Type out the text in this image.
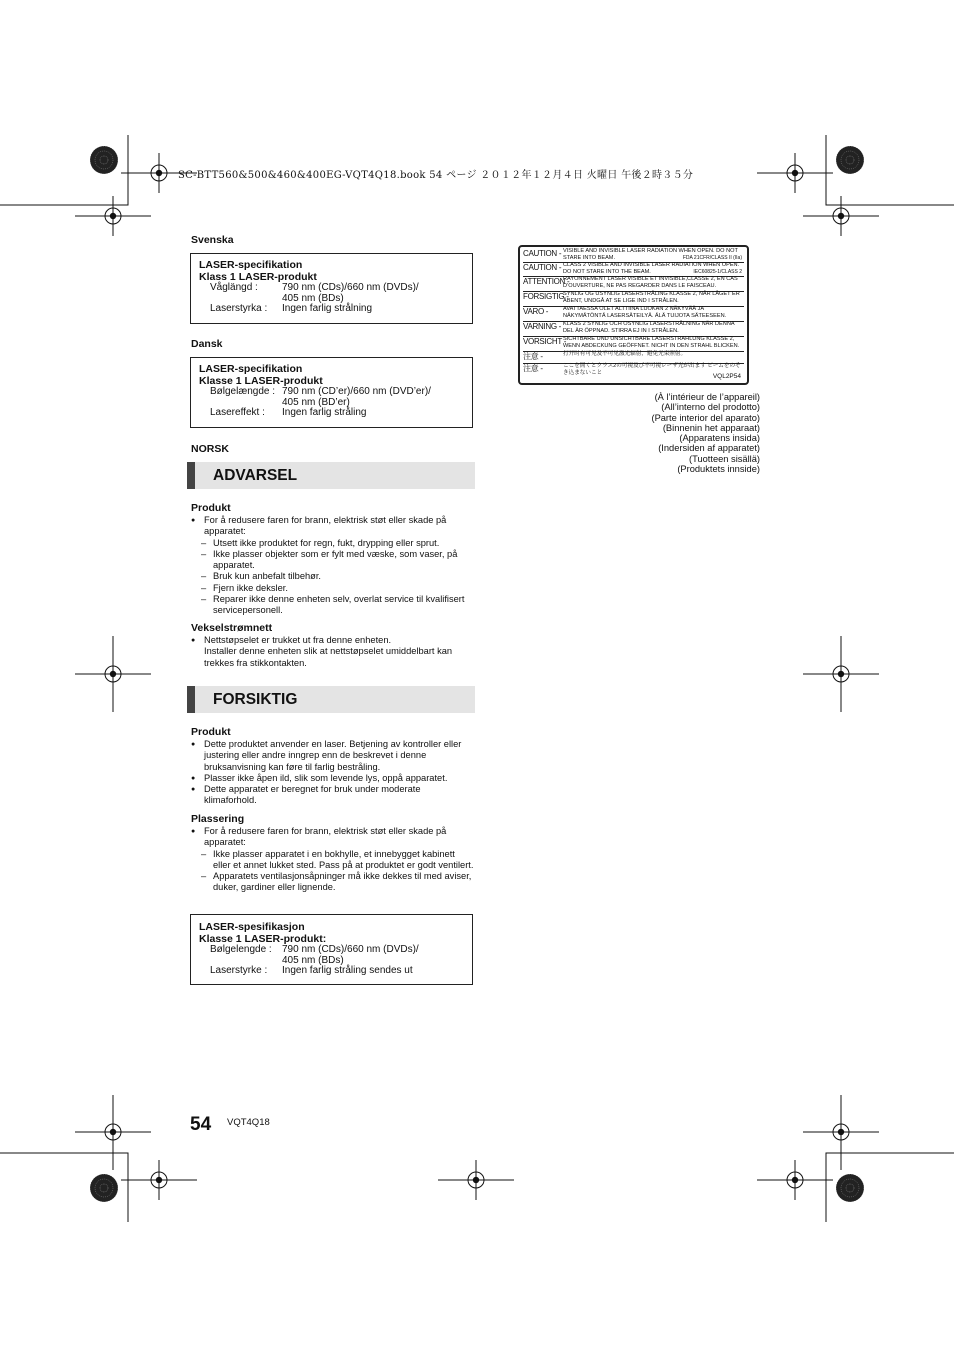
SC-BTT560&500&460&400EG-VQT4Q18.book 54 ページ ２０１２年１２月４日 火曜日 午後２時３５分
Svenska
LASER-specifikation
Klass 1 LASER-produkt
Våglängd : 790 nm (CDs)/660 nm (DVDs)/
405 nm (BDs)
Laserstyrka : Ingen farlig strålning
Dansk
LASER-specifikation
Klasse 1 LASER-produkt
Bølgelængde : 790 nm (CD’er)/660 nm (DVD’er)/
405 nm (BD’er)
Lasereffekt : Ingen farlig stråling
NORSK
ADVARSEL
Produkt
● For å redusere faren for brann, elektrisk støt eller skade på apparatet:
– Utsett ikke produktet for regn, fukt, drypping eller sprut.
– Ikke plasser objekter som er fylt med væske, som vaser, på apparatet.
– Bruk kun anbefalt tilbehør.
– Fjern ikke deksler.
– Reparer ikke denne enheten selv, overlat service til kvalifisert servicepersonell.
Vekselstrømnett
● Nettstøpselet er trukket ut fra denne enheten.
Installer denne enheten slik at nettstøpselet umiddelbart kan trekkes fra stikkontakten.
FORSIKTIG
Produkt
● Dette produktet anvender en laser. Betjening av kontroller eller justering eller andre inngrep enn de beskrevet i denne bruksanvisning kan føre til farlig bestråling.
● Plasser ikke åpen ild, slik som levende lys, oppå apparatet.
● Dette apparatet er beregnet for bruk under moderate klimaforhold.
Plassering
● For å redusere faren for brann, elektrisk støt eller skade på apparatet:
– Ikke plasser apparatet i en bokhylle, et innebygget kabinett eller et annet lukket sted. Pass på at produktet er godt ventilert.
– Apparatets ventilasjonsåpninger må ikke dekkes til med aviser, duker, gardiner eller lignende.
LASER-spesifikasjon
Klasse 1 LASER-produkt:
Bølgelengde : 790 nm (CDs)/660 nm (DVDs)/
405 nm (BDs)
Laserstyrke : Ingen farlig stråling sendes ut
VQL2P54
CAUTION - VISIBLE AND INVISIBLE LASER RADIATION WHEN OPEN. DO NOT STARE INTO BEAM.	FDA 21CFR/CLASS II (IIa)
CAUTION - CLASS 2 VISIBLE AND INVISIBLE LASER RADIATION WHEN OPEN. DO NOT STARE INTO THE BEAM.	IEC60825-1/CLASS 2
ATTENTION -
RAYONNEMENT LASER VISIBLE ET INVISIBLE,CLASSE 2, EN CAS D’OUVERTURE, NE PAS REGARDER DANS LE FAISCEAU.
FORSIGTIG -
SYNLIG OG USYNLIG LASERSTRÅLING KLASSE 2, NÅR LÅGET ER ÅBENT, UNDGÅ AT SE LIGE IND I STRÅLEN.
VARO -	AVATTAESSA OLET ALTTIINA LUOKAN 2 NÄKYVÄÄ JA NÄKYMÄTÖNTÄ LASERSÄTEILYÄ. ÄLÄ TUIJOTA SÄTEESEEN.
VARNING - KLASS 2 SYNLIG OCH OSYNLIG LASERSTRÅLNING NÄR DENNA DEL ÄR ÖPPNAD. STIRRA EJ IN I STRÅLEN.
VORSICHT -
SICHTBARE UND UNSICHTBARE LASERSTRAHLUNG KLASSE 2, WENN ABDECKUNG GEÖFFNET. NICHT IN DEN STRAHL BLICKEN.
注意 -	打开时有可见及不可见激光辐射，避免光束照射。
注意 -	ここを開くとクラス2の可視及び不可視レーザ光が出ます ビームをのぞき込まないこと
(À l’intérieur de l’appareil)
(All’interno del prodotto)
(Parte interior del aparato)
(Binnenin het apparaat)
(Apparatens insida)
(Indersiden af apparatet)
(Tuotteen sisällä)
(Produktets innside)
54 VQT4Q18
